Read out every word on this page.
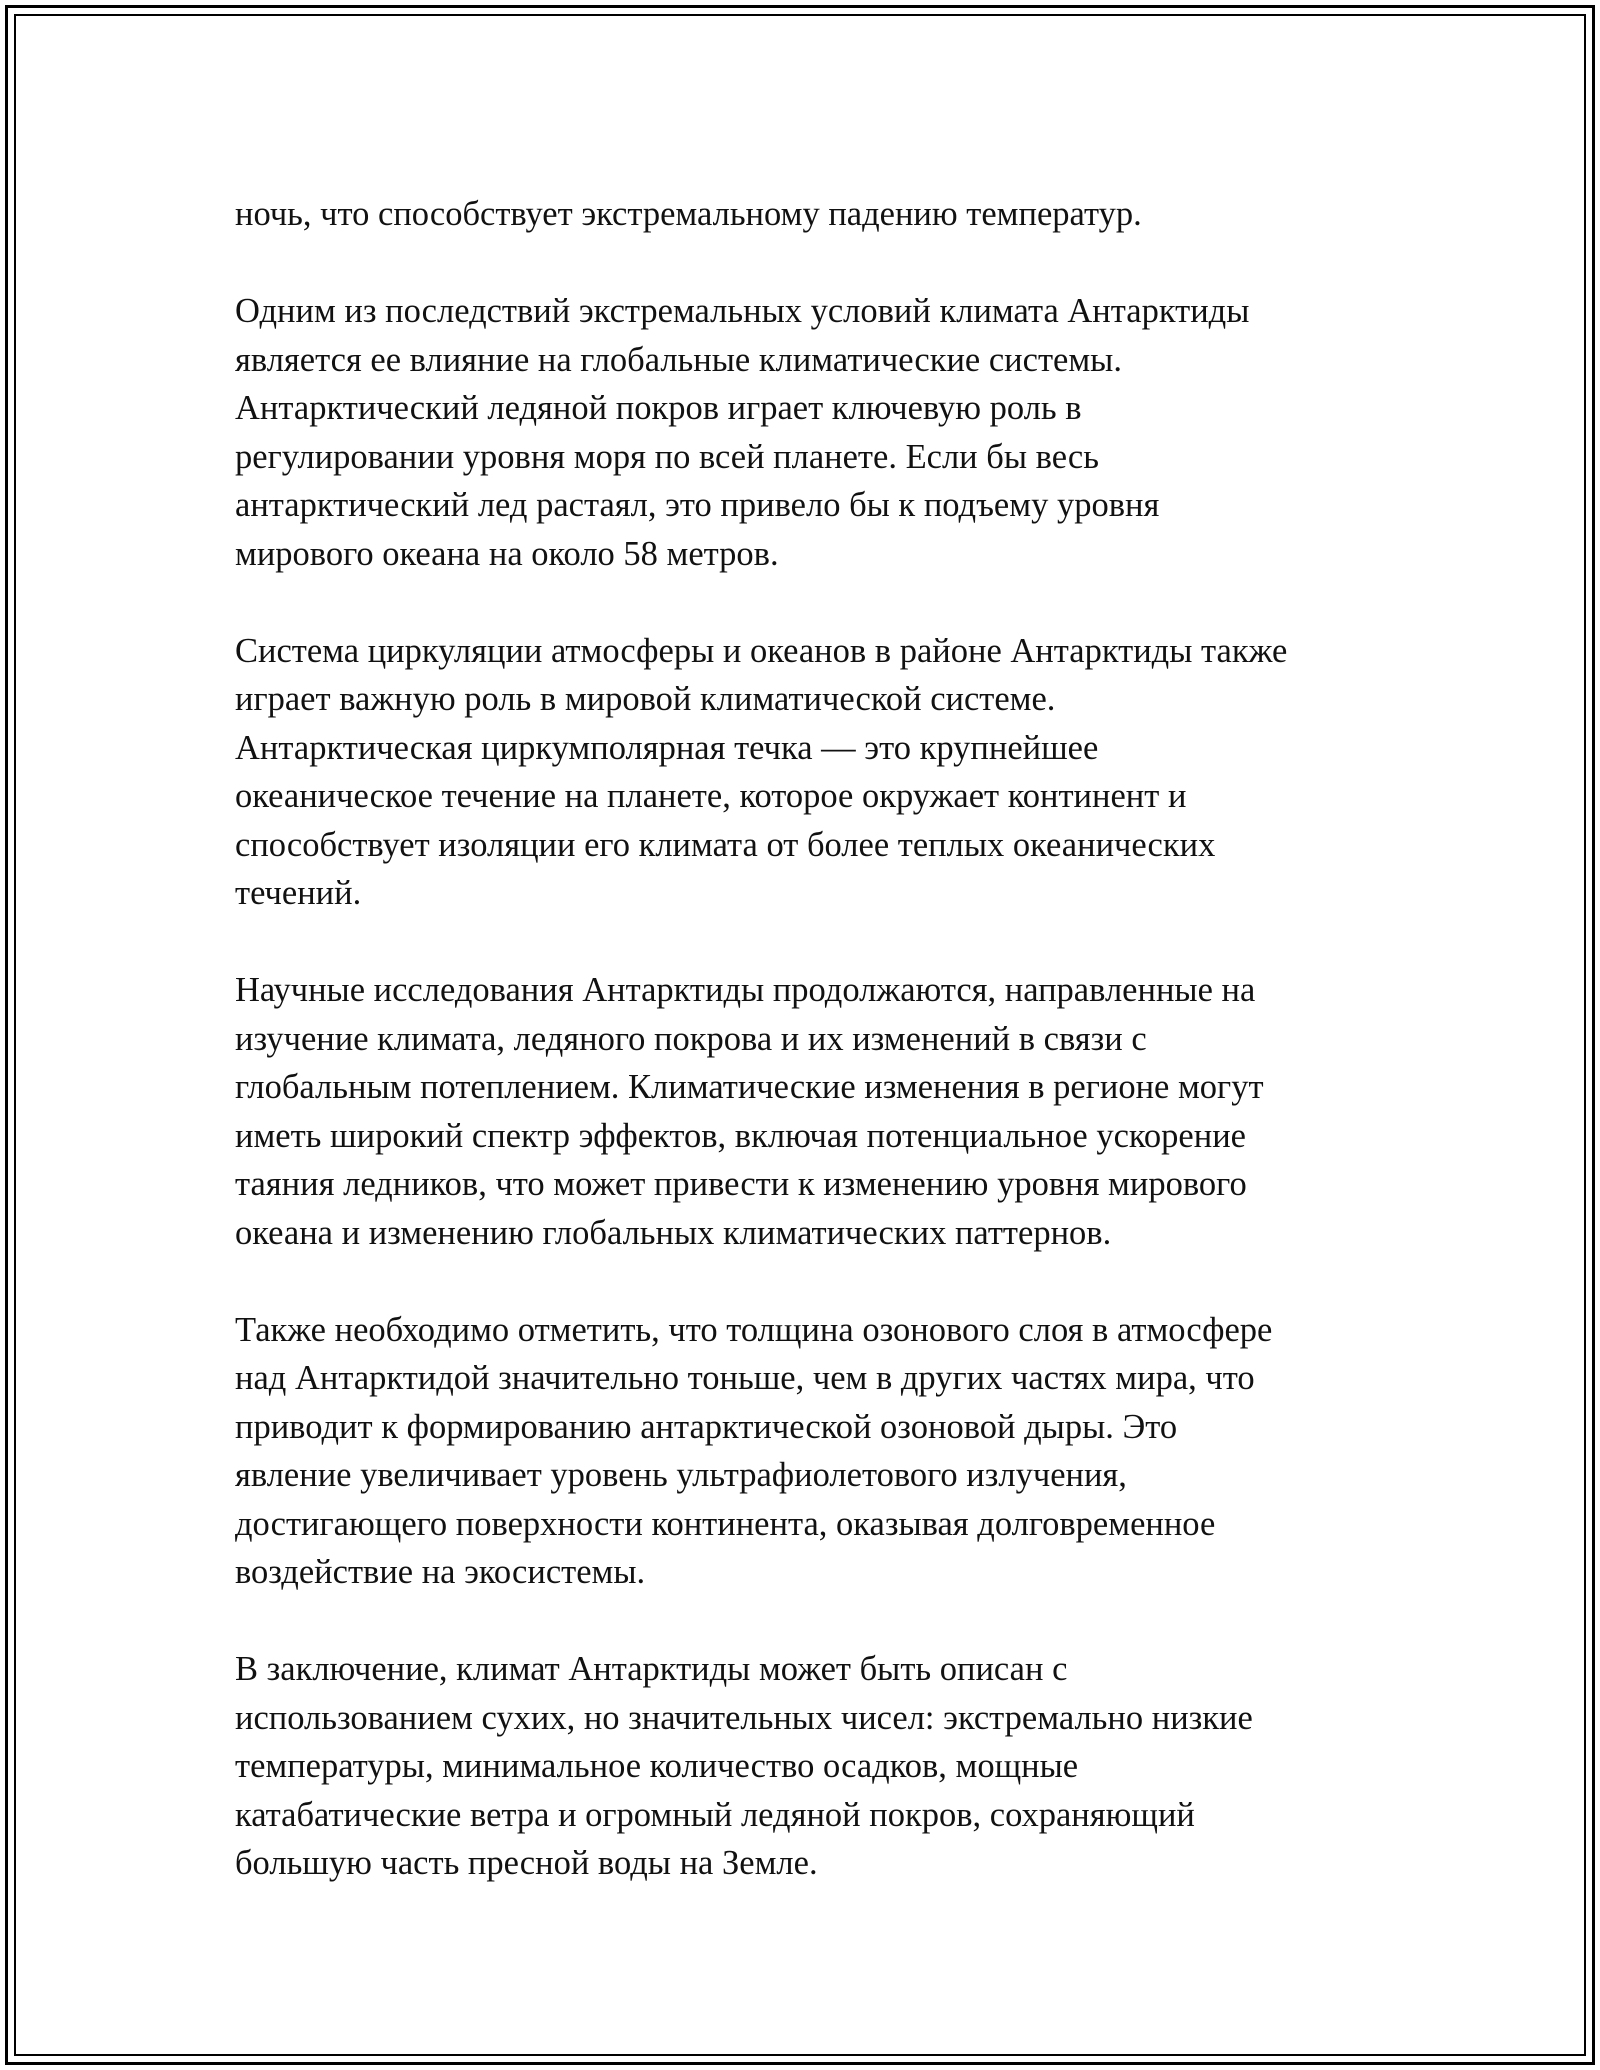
ночь, что способствует экстремальному падению температур.

Одним из последствий экстремальных условий климата Антарктиды
является ее влияние на глобальные климатические системы.
Антарктический ледяной покров играет ключевую роль в
регулировании уровня моря по всей планете. Если бы весь
антарктический лед растаял, это привело бы к подъему уровня
мирового океана на около 58 метров.

Система циркуляции атмосферы и океанов в районе Антарктиды также
играет важную роль в мировой климатической системе.
Антарктическая циркумполярная течка — это крупнейшее
океаническое течение на планете, которое окружает континент и
способствует изоляции его климата от более теплых океанических
течений.

Научные исследования Антарктиды продолжаются, направленные на
изучение климата, ледяного покрова и их изменений в связи с
глобальным потеплением. Климатические изменения в регионе могут
иметь широкий спектр эффектов, включая потенциальное ускорение
таяния ледников, что может привести к изменению уровня мирового
океана и изменению глобальных климатических паттернов.

Также необходимо отметить, что толщина озонового слоя в атмосфере
над Антарктидой значительно тоньше, чем в других частях мира, что
приводит к формированию антарктической озоновой дыры. Это
явление увеличивает уровень ультрафиолетового излучения,
достигающего поверхности континента, оказывая долговременное
воздействие на экосистемы.

В заключение, климат Антарктиды может быть описан с
использованием сухих, но значительных чисел: экстремально низкие
температуры, минимальное количество осадков, мощные
катабатические ветра и огромный ледяной покров, сохраняющий
большую часть пресной воды на Земле.
